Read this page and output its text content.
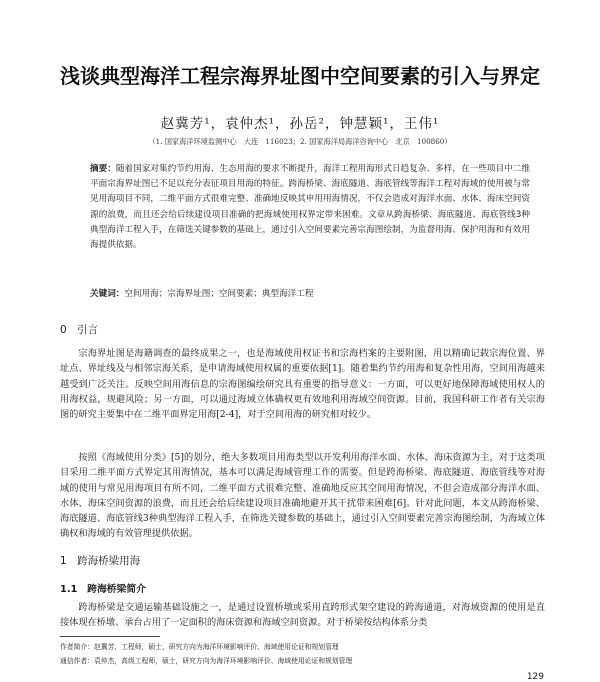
浅谈典型海洋工程宗海界址图中空间要素的引入与界定
赵冀芳¹，袁仲杰¹，孙岳²，钟慧颖¹，王伟¹
（1. 国家海洋环境监测中心　大连　116023；2. 国家海洋局海洋咨询中心　北京　100860）
摘要：随着国家对集约节约用海、生态用海的要求不断提升，海洋工程用海形式日趋复杂、多样，在一些项目中二维平面宗海界址图已不足以充分表征项目用海的特征。跨海桥梁、海底隧道、海底管线等海洋工程对海域的使用被与常见用海项目不同，二维平面方式很难完整、准确地反映其申用用海情况，不仅会造成对海洋水面、水体、海床空间资源的浪费，而且还会给后续建设项目准确的把海域使用权界定带来困难。文章从跨海桥梁、海底隧道、海底管线3种典型海洋工程入手，在筛选关键参数的基础上，通过引入空间要素完善宗海图绘制，为监督用海、保护用海和有效用海提供依据。
关键词：空间用海；宗海界址图；空间要素；典型海洋工程
0　引言

宗海界址图是海籍调查的最终成果之一，也是海域使用权证书和宗海档案的主要附图，用以精确记载宗海位置、界址点、界址线及与相邻宗海关系，是申请海域使用权属的重要依据[1]。随着集约节约用海和复杂性用海，空间用海越来越受到广泛关注。反映空间用海信息的宗海图编绘研究具有重要的指导意义：一方面，可以更好地保障海域使用权人的用海权益，规避风险；另一方面，可以通过海域立体确权更有效地利用海域空间资源。目前，我国科研工作者有关宗海图的研究主要集中在二维平面界定用海[2-4]，对于空间用海的研究相对较少。

按照《海域使用分类》[5]的划分，绝大多数项目用海类型以开发利用海洋水面、水体、海床资源为主，对于这类项目采用二维平面方式界定其用海情况，基本可以满足海域管理工作的需要。但是跨海桥梁、海底隧道、海底管线等对海域的使用与常见用海项目有所不同，二维平面方式很难完整、准确地反应其空间用海情况，不但会造成部分海洋水面、水体、海床空间资源的浪费，而且还会给后续建设项目准确地避开其干扰带来困难[6]。针对此问题，本文从跨海桥梁、海底隧道、海底管线3种典型海洋工程入手，在筛选关键参数的基础上，通过引入空间要素完善宗海图绘制，为海域立体确权和海域的有效管理提供依据。

1　跨海桥梁用海
1.1　跨海桥梁简介

跨海桥梁是交通运输基础设施之一，是通过设置桥墩或采用直跨形式架空建设的跨海通道，对海域资源的使用是直接体现在桥墩、承台占用了一定面积的海床资源和海域空间资源。对于桥梁按结构体系分类

作者简介：赵冀芳，工程师，硕士，研究方向为海洋环境影响评价、海域使用论证和规划管理
通信作者：袁仲杰，高级工程师，硕士，研究方向为海洋环境影响评价、海域使用论证和规划管理
129
